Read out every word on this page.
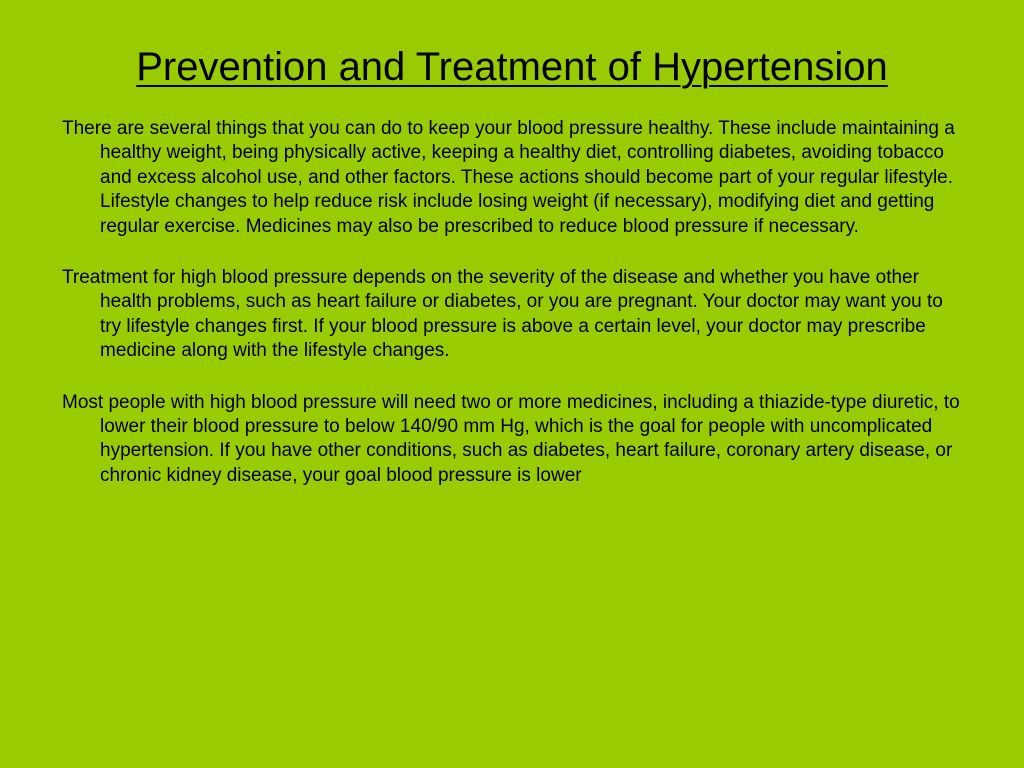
Prevention and Treatment of Hypertension

There are several things that you can do to keep your blood pressure healthy. These include maintaining a healthy weight, being physically active, keeping a healthy diet, controlling diabetes, avoiding tobacco and excess alcohol use, and other factors. These actions should become part of your regular lifestyle. Lifestyle changes to help reduce risk include losing weight (if necessary), modifying diet and getting regular exercise. Medicines may also be prescribed to reduce blood pressure if necessary.

Treatment for high blood pressure depends on the severity of the disease and whether you have other health problems, such as heart failure or diabetes, or you are pregnant. Your doctor may want you to try lifestyle changes first. If your blood pressure is above a certain level, your doctor may prescribe medicine along with the lifestyle changes.

Most people with high blood pressure will need two or more medicines, including a thiazide-type diuretic, to lower their blood pressure to below 140/90 mm Hg, which is the goal for people with uncomplicated hypertension. If you have other conditions, such as diabetes, heart failure, coronary artery disease, or chronic kidney disease, your goal blood pressure is lower
